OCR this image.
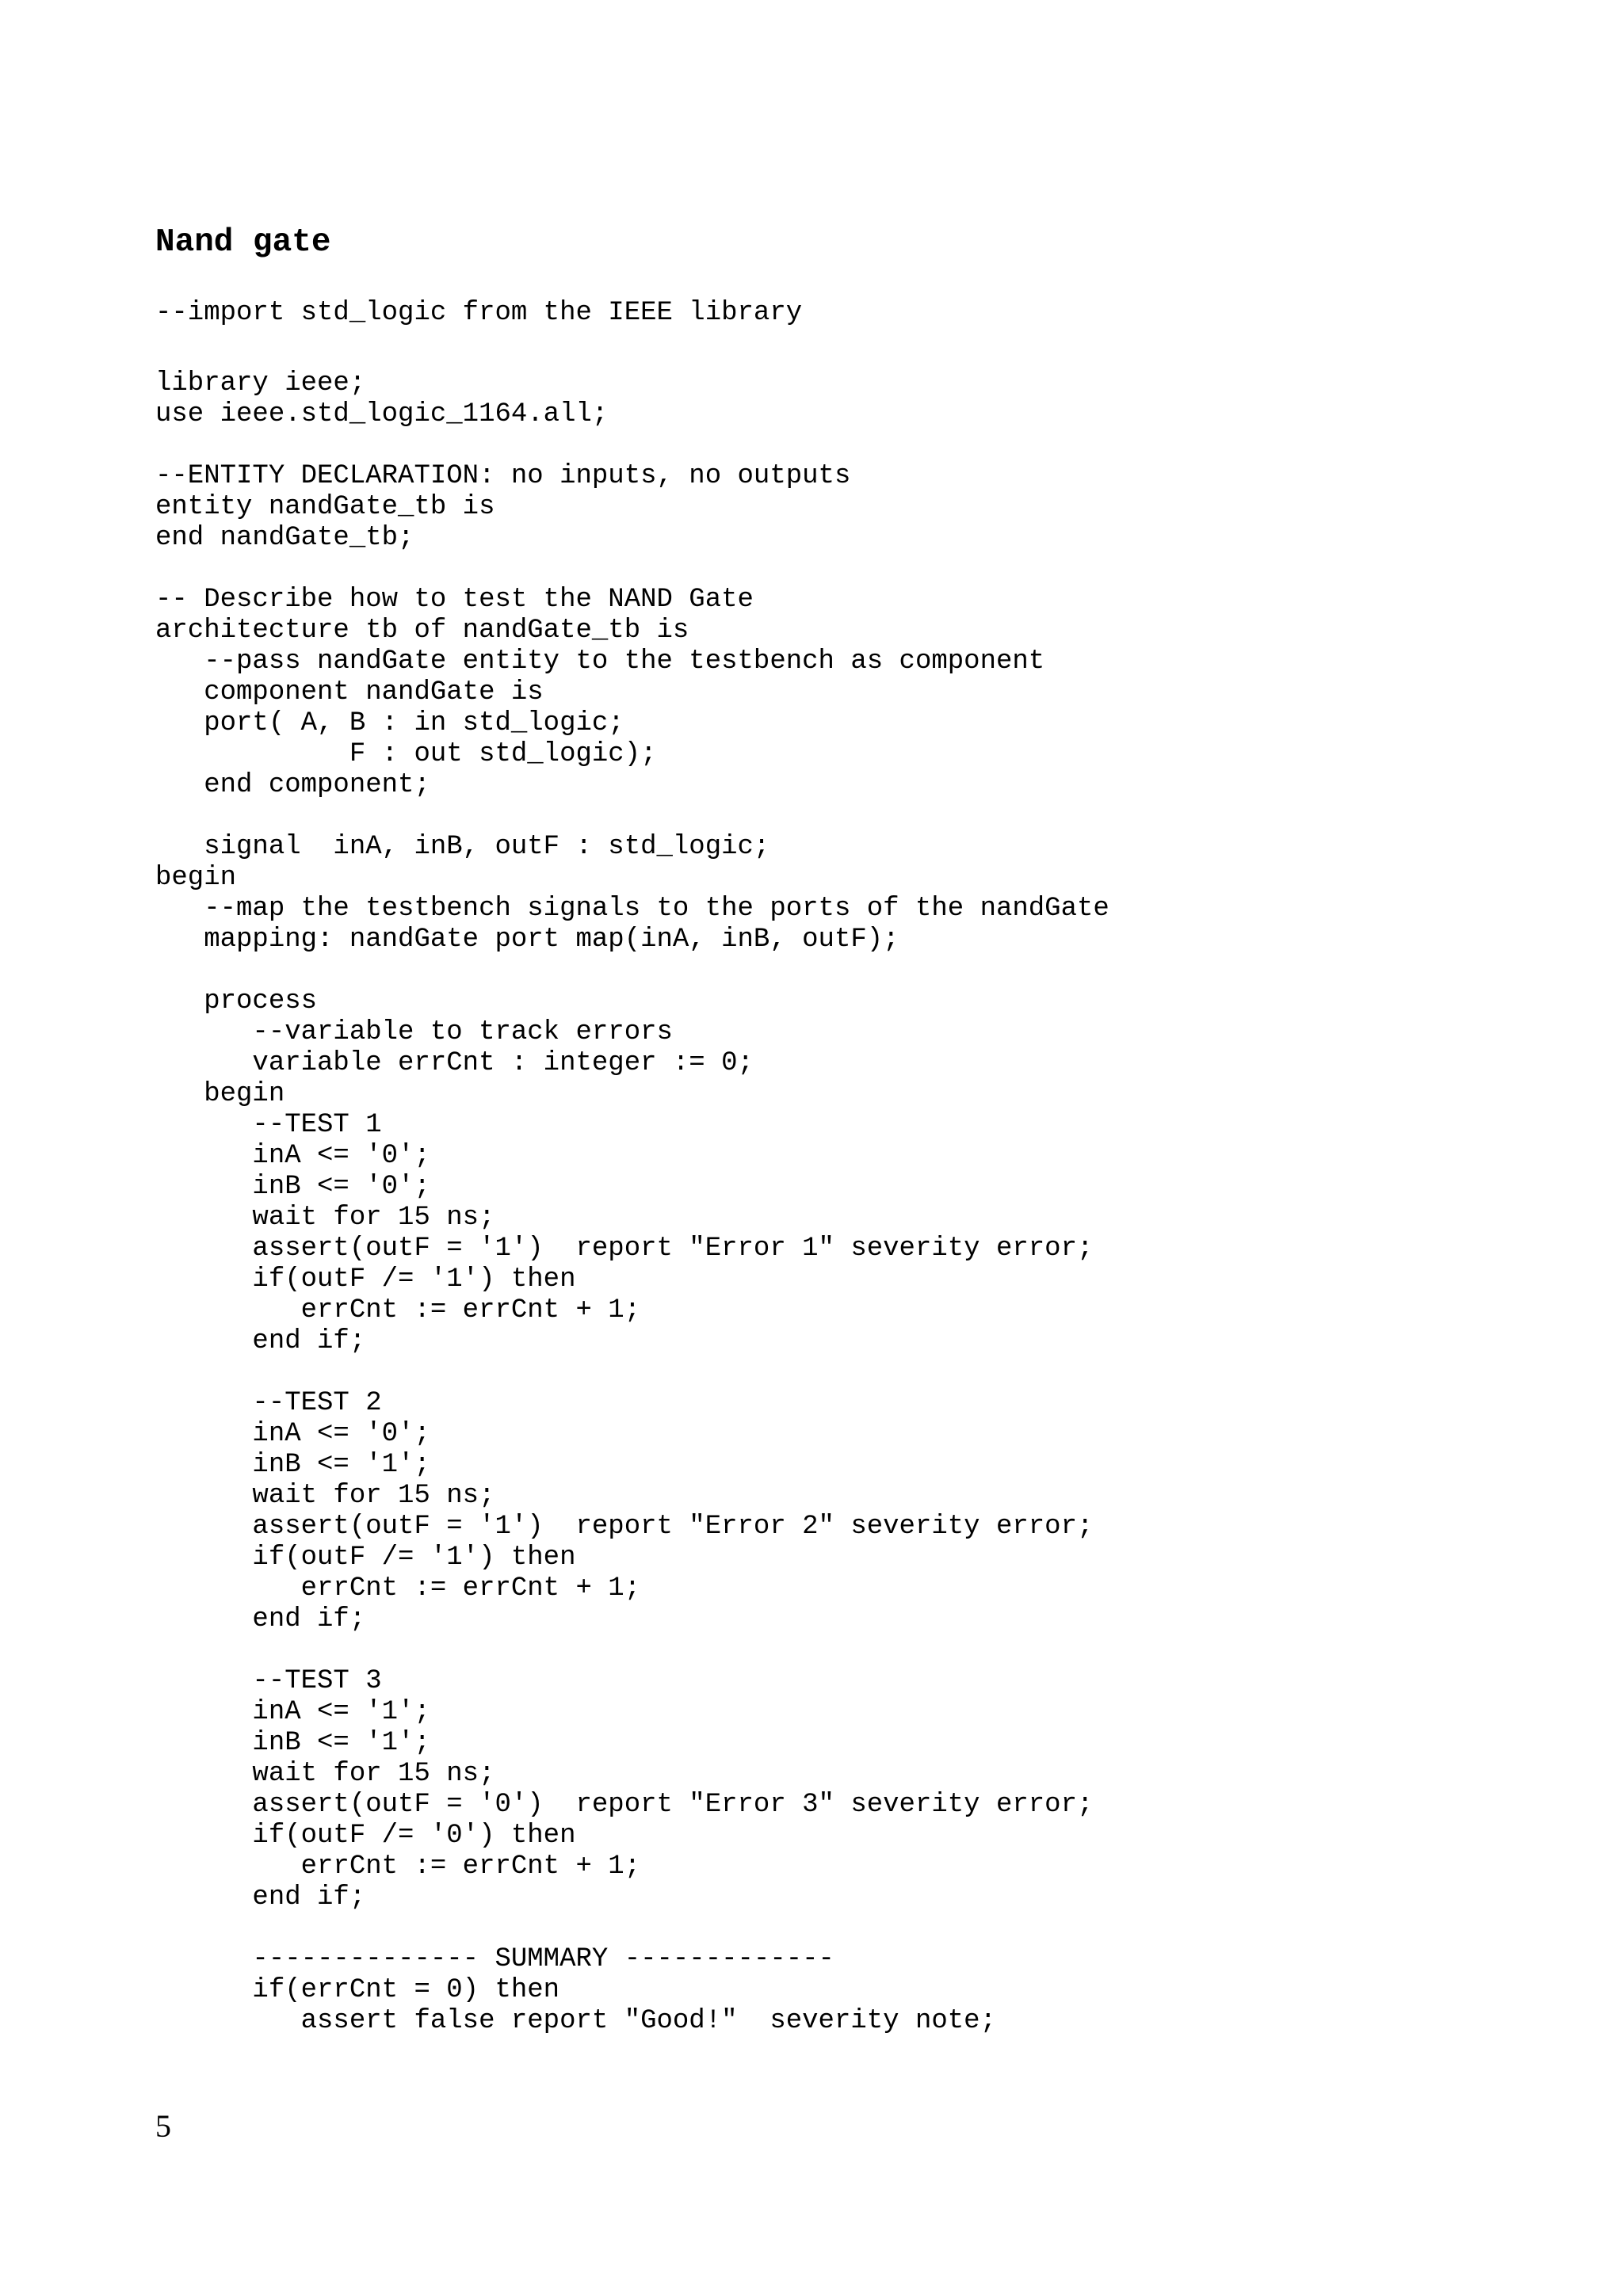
Nand gate
--import std_logic from the IEEE library
library ieee;
use ieee.std_logic_1164.all;
--ENTITY DECLARATION: no inputs, no outputs
entity nandGate_tb is
end nandGate_tb;
-- Describe how to test the NAND Gate
architecture tb of nandGate_tb is
--pass nandGate entity to the testbench as component
component nandGate is
port( A, B : in std_logic;
F : out std_logic);
end component;
signal  inA, inB, outF : std_logic;
begin
--map the testbench signals to the ports of the nandGate
mapping: nandGate port map(inA, inB, outF);
process
--variable to track errors
variable errCnt : integer := 0;
begin
--TEST 1
inA <= '0';
inB <= '0';
wait for 15 ns;
assert(outF = '1')  report "Error 1" severity error;
if(outF /= '1') then
errCnt := errCnt + 1;
end if;
--TEST 2
inA <= '0';
inB <= '1';
wait for 15 ns;
assert(outF = '1')  report "Error 2" severity error;
if(outF /= '1') then
errCnt := errCnt + 1;
end if;
--TEST 3
inA <= '1';
inB <= '1';
wait for 15 ns;
assert(outF = '0')  report "Error 3" severity error;
if(outF /= '0') then
errCnt := errCnt + 1;
end if;
-------------- SUMMARY -------------
if(errCnt = 0) then
assert false report "Good!"  severity note;
5
